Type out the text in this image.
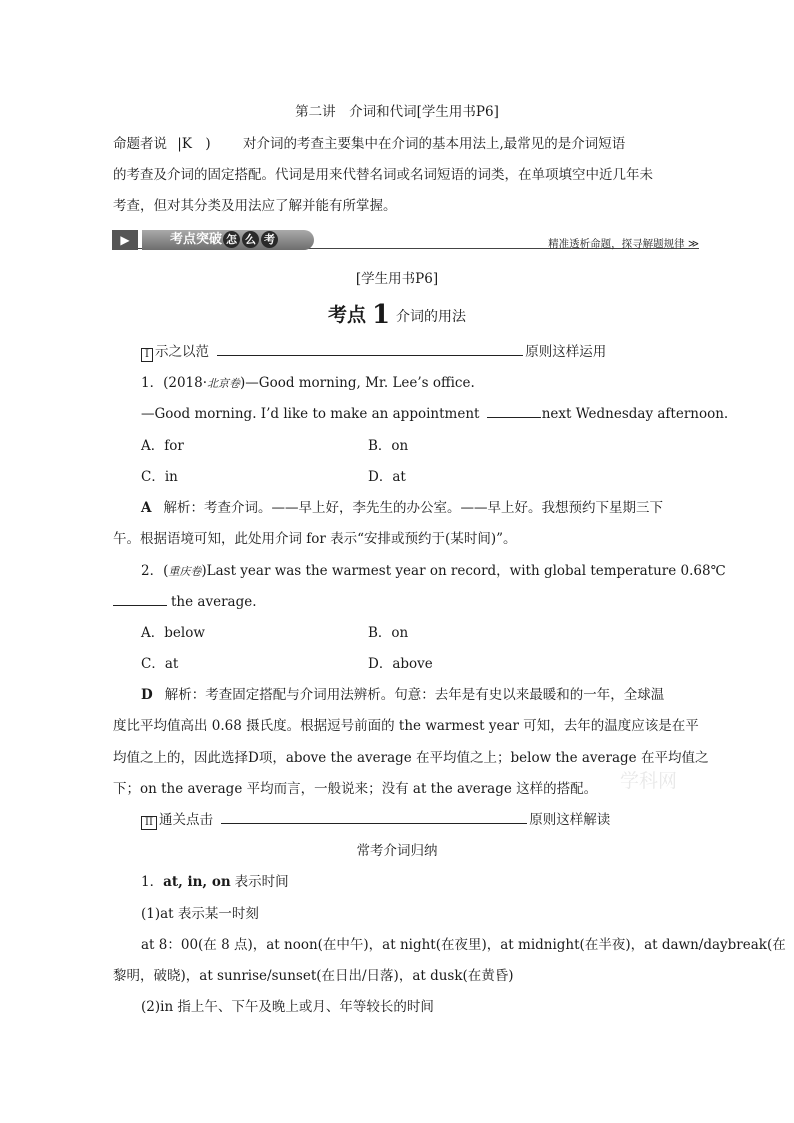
第二讲　介词和代词[学生用书P6]
命题者说 |K　) 对介词的考查主要集中在介词的基本用法上,最常见的是介词短语
的考查及介词的固定搭配。代词是用来代替名词或名词短语的词类，在单项填空中近几年未
考查，但对其分类及用法应了解并能有所掌握。
▶	考点突破 怎 么 考	精准透析命题，探寻解题规律 ≫
[学生用书P6]
考点 1 介词的用法
I 示之以范	原则这样运用
1．(2018·北京卷)—Good morning, Mr. Lee’s office.
—Good morning. I’d like to make an appointment	next Wednesday afternoon.
A．for	B．on
C．in	D．at
A 解析：考查介词。——早上好，李先生的办公室。——早上好。我想预约下星期三下
午。根据语境可知，此处用介词 for 表示“安排或预约于(某时间)”。
2．(重庆卷)Last year was the warmest year on record，with global temperature 0.68℃
the average.
A．below	B．on
C．at	D．above
D 解析：考查固定搭配与介词用法辨析。句意：去年是有史以来最暖和的一年，全球温
度比平均值高出 0.68 摄氏度。根据逗号前面的 the warmest year 可知，去年的温度应该是在平
均值之上的，因此选择D项，above the average 在平均值之上；below the average 在平均值之
下；on the average 平均而言，一般说来；没有 at the average 这样的搭配。
II 通关点击	原则这样解读
常考介词归纳
1．at, in, on 表示时间
(1)at 表示某一时刻
at 8：00(在 8 点)，at noon(在中午)，at night(在夜里)，at midnight(在半夜)，at dawn/daybreak(在
黎明，破晓)，at sunrise/sunset(在日出/日落)，at dusk(在黄昏)
(2)in 指上午、下午及晚上或月、年等较长的时间
学科网
